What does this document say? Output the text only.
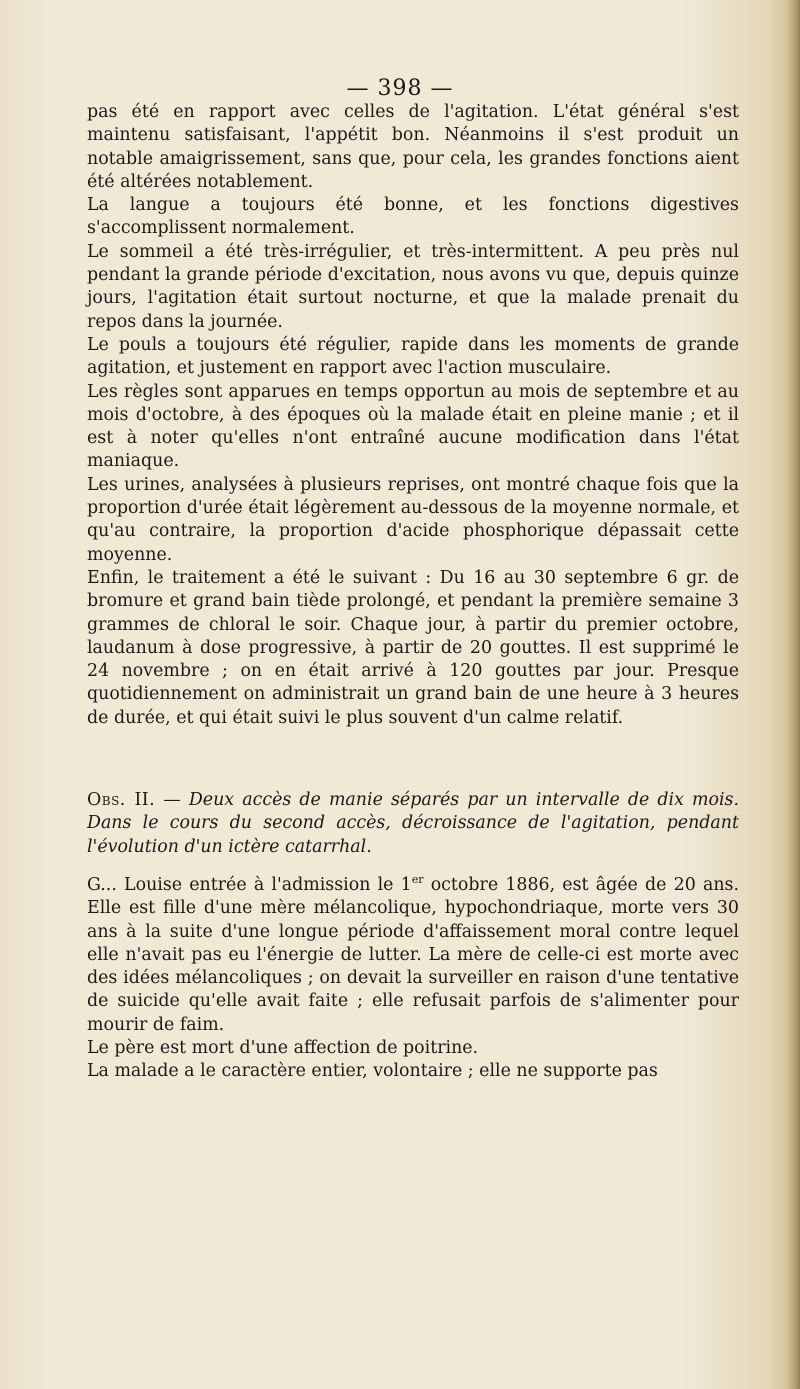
— 398 —

pas été en rapport avec celles de l'agitation. L'état général s'est maintenu satisfaisant, l'appétit bon. Néanmoins il s'est produit un notable amaigrissement, sans que, pour cela, les grandes fonctions aient été altérées notablement.

La langue a toujours été bonne, et les fonctions digestives s'accomplissent normalement.

Le sommeil a été très-irrégulier, et très-intermittent. A peu près nul pendant la grande période d'excitation, nous avons vu que, depuis quinze jours, l'agitation était surtout nocturne, et que la malade prenait du repos dans la journée.

Le pouls a toujours été régulier, rapide dans les moments de grande agitation, et justement en rapport avec l'action musculaire.

Les règles sont apparues en temps opportun au mois de septembre et au mois d'octobre, à des époques où la malade était en pleine manie ; et il est à noter qu'elles n'ont entraîné aucune modification dans l'état maniaque.

Les urines, analysées à plusieurs reprises, ont montré chaque fois que la proportion d'urée était légèrement au-dessous de la moyenne normale, et qu'au contraire, la proportion d'acide phosphorique dépassait cette moyenne.

Enfin, le traitement a été le suivant : Du 16 au 30 septembre 6 gr. de bromure et grand bain tiède prolongé, et pendant la première semaine 3 grammes de chloral le soir. Chaque jour, à partir du premier octobre, laudanum à dose progressive, à partir de 20 gouttes. Il est supprimé le 24 novembre ; on en était arrivé à 120 gouttes par jour. Presque quotidiennement on administrait un grand bain de une heure à 3 heures de durée, et qui était suivi le plus souvent d'un calme relatif.

Obs. II. — Deux accès de manie séparés par un intervalle de dix mois. Dans le cours du second accès, décroissance de l'agitation, pendant l'évolution d'un ictère catarrhal.

G... Louise entrée à l'admission le 1er octobre 1886, est âgée de 20 ans. Elle est fille d'une mère mélancolique, hypochondriaque, morte vers 30 ans à la suite d'une longue période d'affaissement moral contre lequel elle n'avait pas eu l'énergie de lutter. La mère de celle-ci est morte avec des idées mélancoliques ; on devait la surveiller en raison d'une tentative de suicide qu'elle avait faite ; elle refusait parfois de s'alimenter pour mourir de faim.

Le père est mort d'une affection de poitrine.

La malade a le caractère entier, volontaire ; elle ne supporte pas
